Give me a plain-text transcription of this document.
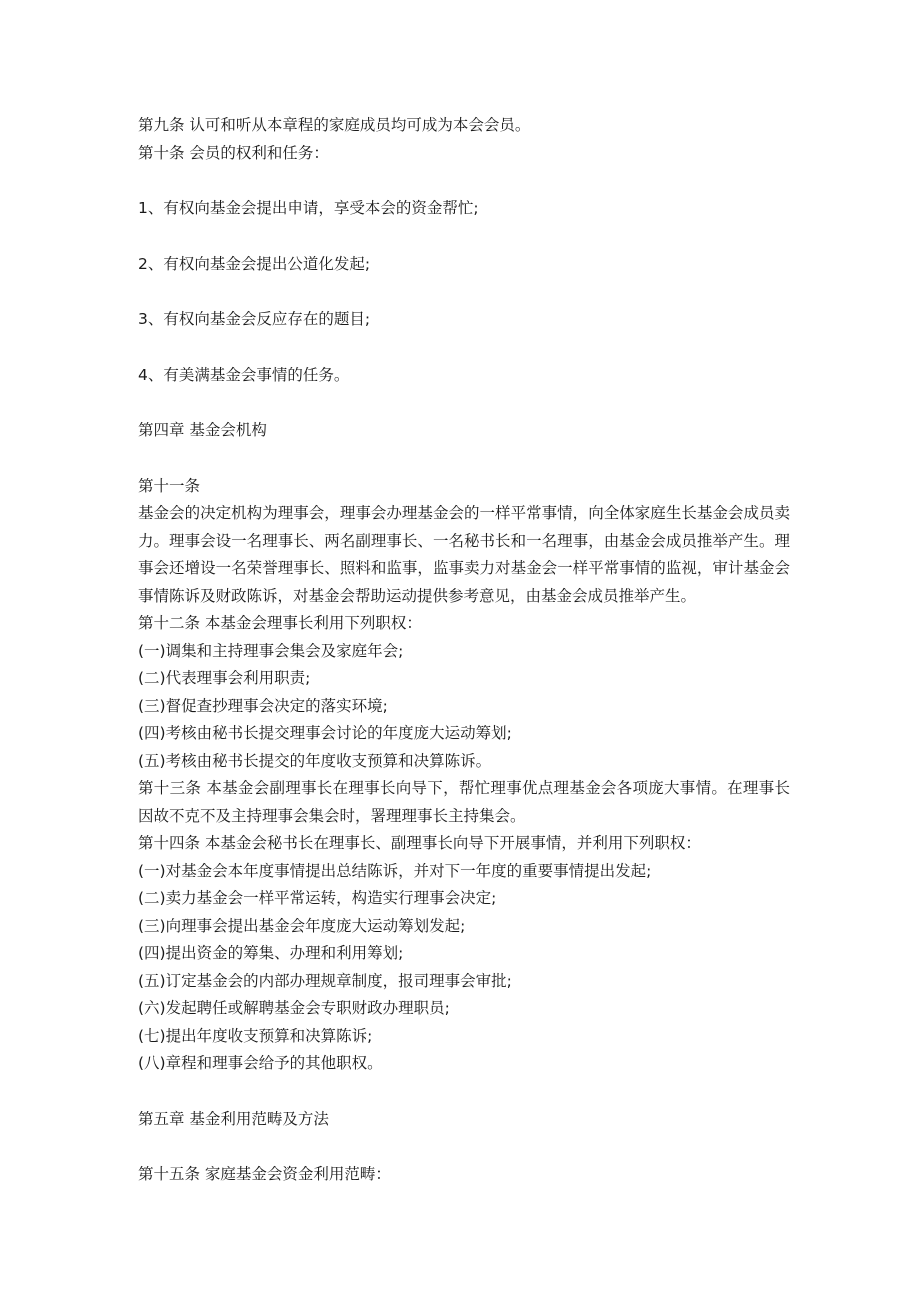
第九条 认可和听从本章程的家庭成员均可成为本会会员。

第十条 会员的权利和任务：

1、有权向基金会提出申请，享受本会的资金帮忙;

2、有权向基金会提出公道化发起;

3、有权向基金会反应存在的题目;

4、有美满基金会事情的任务。

第四章 基金会机构

第十一条

基金会的决定机构为理事会，理事会办理基金会的一样平常事情，向全体家庭生长基金会成员卖力。理事会设一名理事长、两名副理事长、一名秘书长和一名理事，由基金会成员推举产生。理事会还增设一名荣誉理事长、照料和监事，监事卖力对基金会一样平常事情的监视，审计基金会事情陈诉及财政陈诉，对基金会帮助运动提供参考意见，由基金会成员推举产生。

第十二条 本基金会理事长利用下列职权：

(一)调集和主持理事会集会及家庭年会;

(二)代表理事会利用职责;

(三)督促查抄理事会决定的落实环境;

(四)考核由秘书长提交理事会讨论的年度庞大运动筹划;

(五)考核由秘书长提交的年度收支预算和决算陈诉。

第十三条 本基金会副理事长在理事长向导下，帮忙理事优点理基金会各项庞大事情。在理事长因故不克不及主持理事会集会时，署理理事长主持集会。

第十四条 本基金会秘书长在理事长、副理事长向导下开展事情，并利用下列职权：

(一)对基金会本年度事情提出总结陈诉，并对下一年度的重要事情提出发起;

(二)卖力基金会一样平常运转，构造实行理事会决定;

(三)向理事会提出基金会年度庞大运动筹划发起;

(四)提出资金的筹集、办理和利用筹划;

(五)订定基金会的内部办理规章制度，报司理事会审批;

(六)发起聘任或解聘基金会专职财政办理职员;

(七)提出年度收支预算和决算陈诉;

(八)章程和理事会给予的其他职权。

第五章 基金利用范畴及方法

第十五条 家庭基金会资金利用范畴：
